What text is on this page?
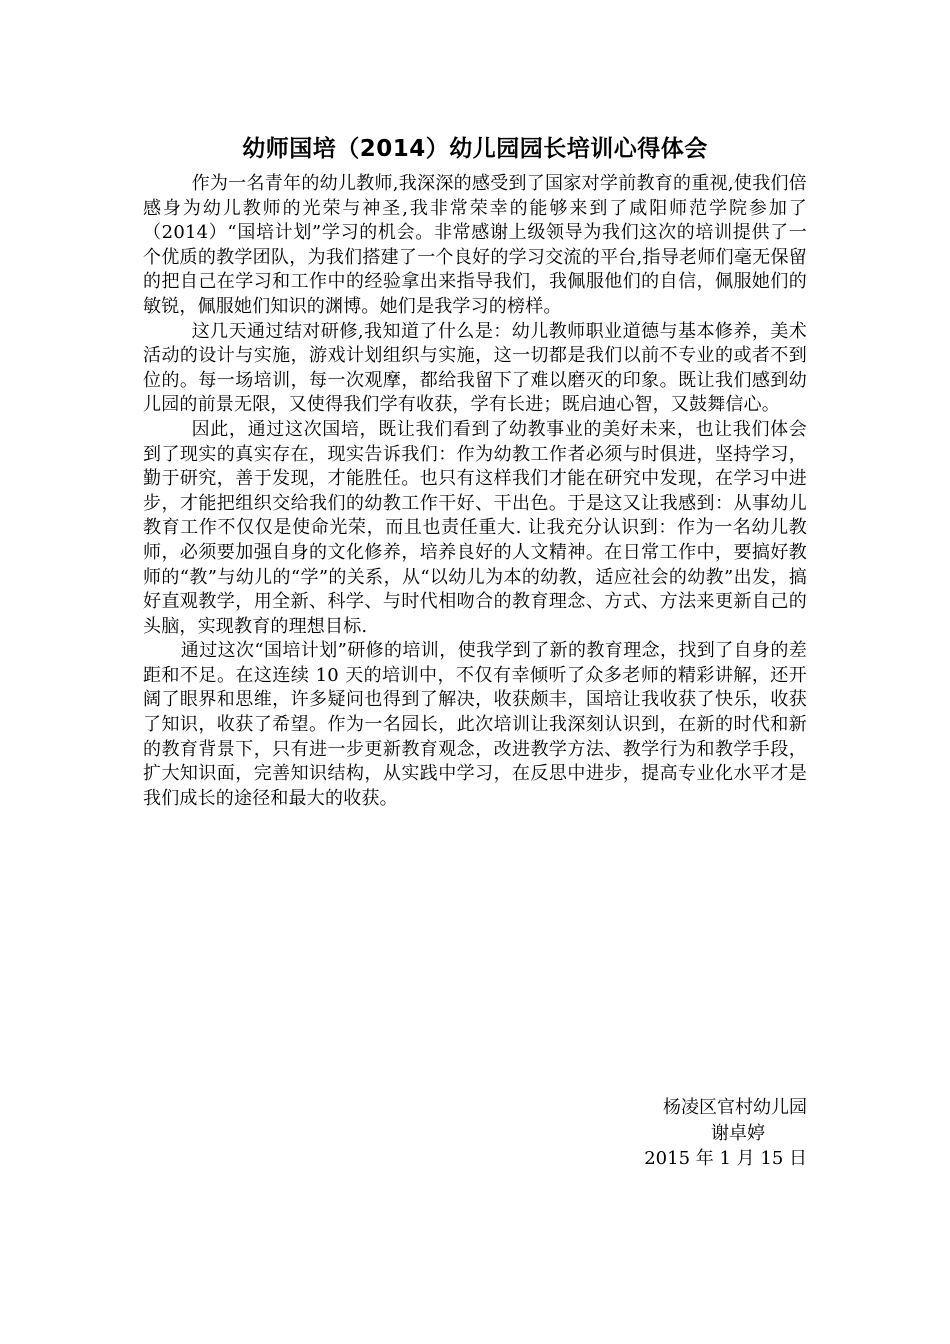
幼师国培（2014）幼儿园园长培训心得体会

作为一名青年的幼儿教师,我深深的感受到了国家对学前教育的重视,使我们倍感身为幼儿教师的光荣与神圣,我非常荣幸的能够来到了咸阳师范学院参加了（2014）“国培计划”学习的机会。非常感谢上级领导为我们这次的培训提供了一个优质的教学团队，为我们搭建了一个良好的学习交流的平台,指导老师们毫无保留的把自己在学习和工作中的经验拿出来指导我们，我佩服他们的自信，佩服她们的敏锐，佩服她们知识的渊博。她们是我学习的榜样。

这几天通过结对研修,我知道了什么是：幼儿教师职业道德与基本修养，美术活动的设计与实施，游戏计划组织与实施，这一切都是我们以前不专业的或者不到位的。每一场培训，每一次观摩，都给我留下了难以磨灭的印象。既让我们感到幼儿园的前景无限，又使得我们学有收获，学有长进；既启迪心智，又鼓舞信心。

因此，通过这次国培，既让我们看到了幼教事业的美好未来，也让我们体会到了现实的真实存在，现实告诉我们：作为幼教工作者必须与时俱进，坚持学习，勤于研究，善于发现，才能胜任。也只有这样我们才能在研究中发现，在学习中进步，才能把组织交给我们的幼教工作干好、干出色。于是这又让我感到：从事幼儿教育工作不仅仅是使命光荣，而且也责任重大. 让我充分认识到：作为一名幼儿教师，必须要加强自身的文化修养，培养良好的人文精神。在日常工作中，要搞好教师的“教”与幼儿的“学”的关系，从“以幼儿为本的幼教，适应社会的幼教”出发，搞好直观教学，用全新、科学、与时代相吻合的教育理念、方式、方法来更新自己的头脑，实现教育的理想目标.

通过这次“国培计划”研修的培训，使我学到了新的教育理念，找到了自身的差距和不足。在这连续 10 天的培训中，不仅有幸倾听了众多老师的精彩讲解，还开阔了眼界和思维，许多疑问也得到了解决，收获颇丰，国培让我收获了快乐，收获了知识，收获了希望。作为一名园长，此次培训让我深刻认识到，在新的时代和新的教育背景下，只有进一步更新教育观念，改进教学方法、教学行为和教学手段，扩大知识面，完善知识结构，从实践中学习，在反思中进步，提高专业化水平才是我们成长的途径和最大的收获。

杨凌区官村幼儿园
谢卓婷
2015 年 1 月 15 日
